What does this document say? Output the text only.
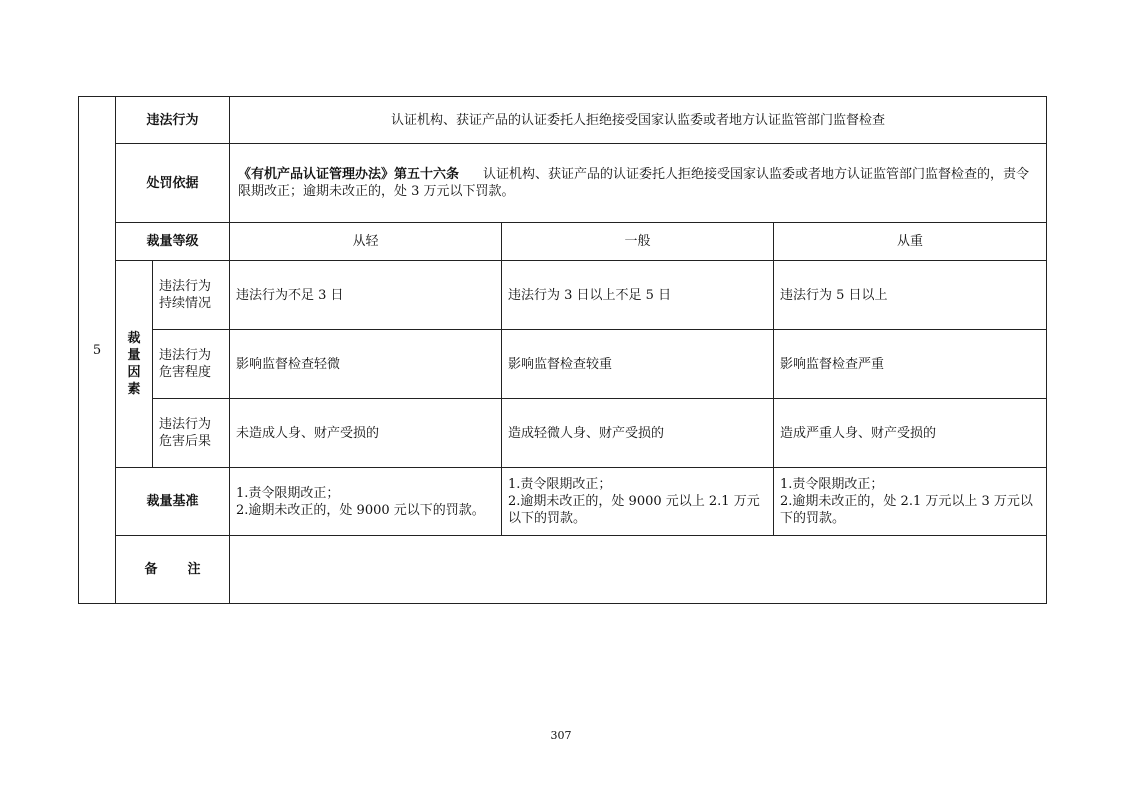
5	违法行为		认证机构、获证产品的认证委托人拒绝接受国家认监委或者地方认证监管部门监督检查		
	处罚依据		《有机产品认证管理办法》第五十六条 认证机构、获证产品的认证委托人拒绝接受国家认监委或者地方认证监管部门监督检查的，责令限期改正；逾期未改正的，处 3 万元以下罚款。		
	裁量等级		从轻	一般	从重
	裁量因素	违法行为持续情况	违法行为不足 3 日	违法行为 3 日以上不足 5 日	违法行为 5 日以上
		违法行为危害程度	影响监督检查轻微	影响监督检查较重	影响监督检查严重
		违法行为危害后果	未造成人身、财产受损的	造成轻微人身、财产受损的	造成严重人身、财产受损的
	裁量基准		1.责令限期改正；
2.逾期未改正的，处 9000 元以下的罚款。	1.责令限期改正；
2.逾期未改正的，处 9000 元以上 2.1 万元以下的罚款。	1.责令限期改正；
2.逾期未改正的，处 2.1 万元以上 3 万元以下的罚款。
	备 注				
307
